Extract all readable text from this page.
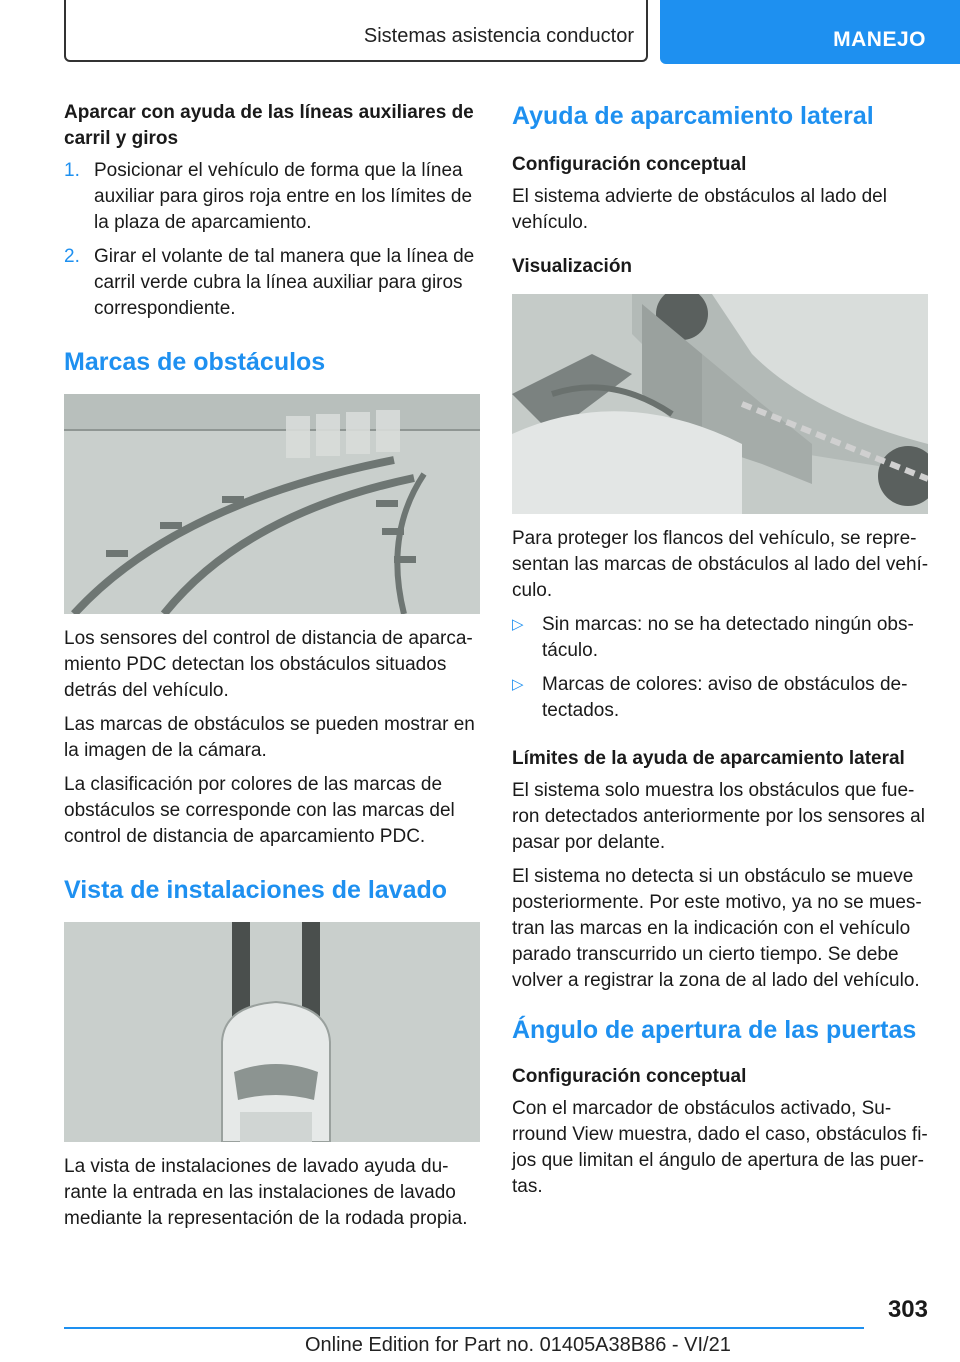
Sistemas asistencia conductor	MANEJO
Aparcar con ayuda de las líneas auxiliares de carril y giros
1. Posicionar el vehículo de forma que la línea auxiliar para giros roja entre en los límites de la plaza de aparcamiento.
2. Girar el volante de tal manera que la línea de carril verde cubra la línea auxiliar para giros correspondiente.
Marcas de obstáculos

Los sensores del control de distancia de aparca-miento PDC detectan los obstáculos situados detrás del vehículo.

Las marcas de obstáculos se pueden mostrar en la imagen de la cámara.

La clasificación por colores de las marcas de obstáculos se corresponde con las marcas del control de distancia de aparcamiento PDC.

Vista de instalaciones de lavado

La vista de instalaciones de lavado ayuda du-rante la entrada en las instalaciones de lavado mediante la representación de la rodada propia.

Ayuda de aparcamiento lateral
Configuración conceptual

El sistema advierte de obstáculos al lado del vehículo.

Visualización

Para proteger los flancos del vehículo, se repre-sentan las marcas de obstáculos al lado del vehí-culo.

▷ Sin marcas: no se ha detectado ningún obs-táculo.
▷ Marcas de colores: aviso de obstáculos de-tectados.
Límites de la ayuda de aparcamiento lateral

El sistema solo muestra los obstáculos que fue-ron detectados anteriormente por los sensores al pasar por delante.

El sistema no detecta si un obstáculo se mueve posteriormente. Por este motivo, ya no se mues-tran las marcas en la indicación con el vehículo parado transcurrido un cierto tiempo. Se debe volver a registrar la zona de al lado del vehículo.

Ángulo de apertura de las puertas
Configuración conceptual

Con el marcador de obstáculos activado, Su-rround View muestra, dado el caso, obstáculos fi-jos que limitan el ángulo de apertura de las puer-tas.

303
Online Edition for Part no. 01405A38B86 - VI/21
